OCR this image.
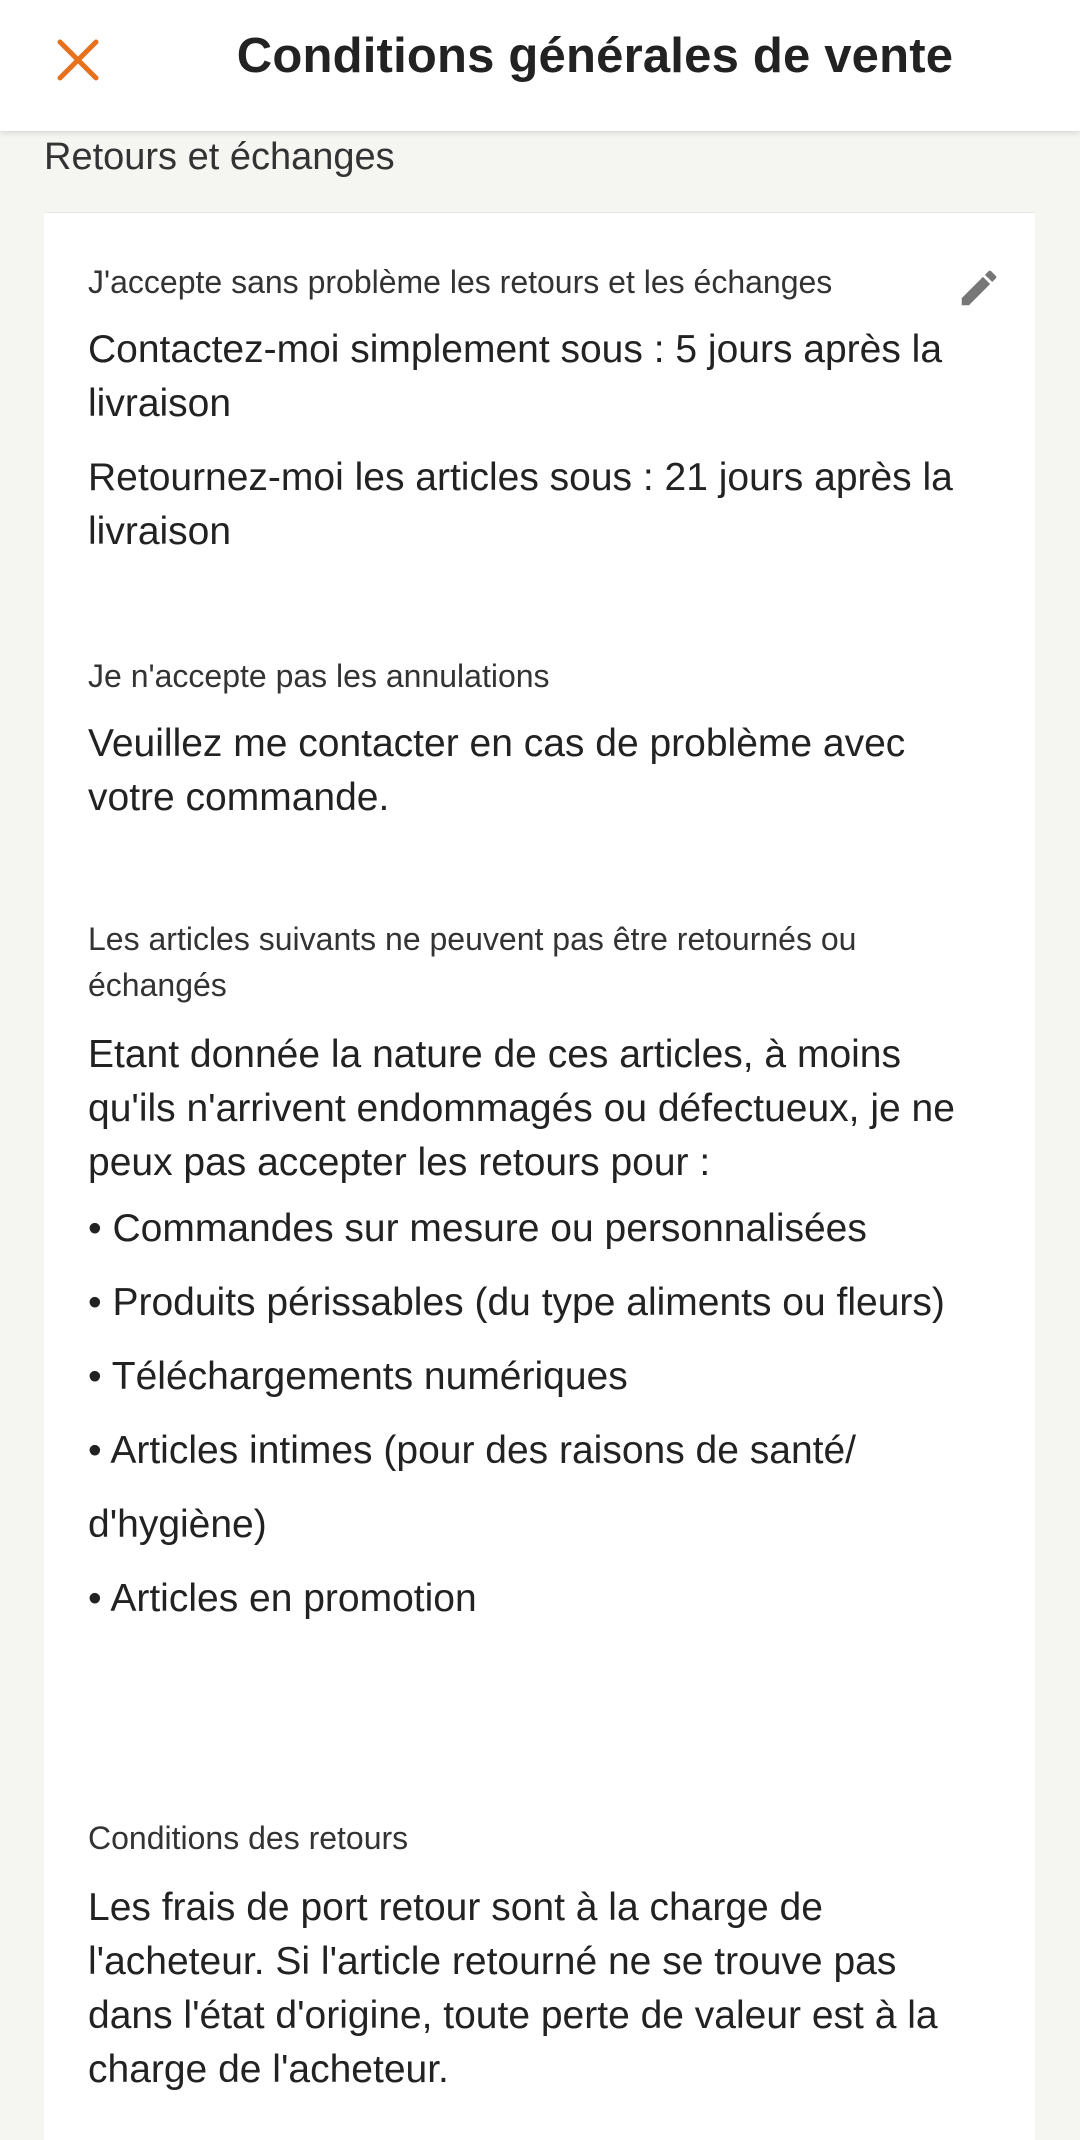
Conditions générales de vente
Retours et échanges
J'accepte sans problème les retours et les échanges
Contactez-moi simplement sous : 5 jours après la livraison
Retournez-moi les articles sous : 21 jours après la livraison
Je n'accepte pas les annulations
Veuillez me contacter en cas de problème avec votre commande.
Les articles suivants ne peuvent pas être retournés ou échangés
Etant donnée la nature de ces articles, à moins qu'ils n'arrivent endommagés ou défectueux, je ne peux pas accepter les retours pour :
• Commandes sur mesure ou personnalisées
• Produits périssables (du type aliments ou fleurs)
• Téléchargements numériques
• Articles intimes (pour des raisons de santé/ d'hygiène)
• Articles en promotion
Conditions des retours
Les frais de port retour sont à la charge de l'acheteur. Si l'article retourné ne se trouve pas dans l'état d'origine, toute perte de valeur est à la charge de l'acheteur.
